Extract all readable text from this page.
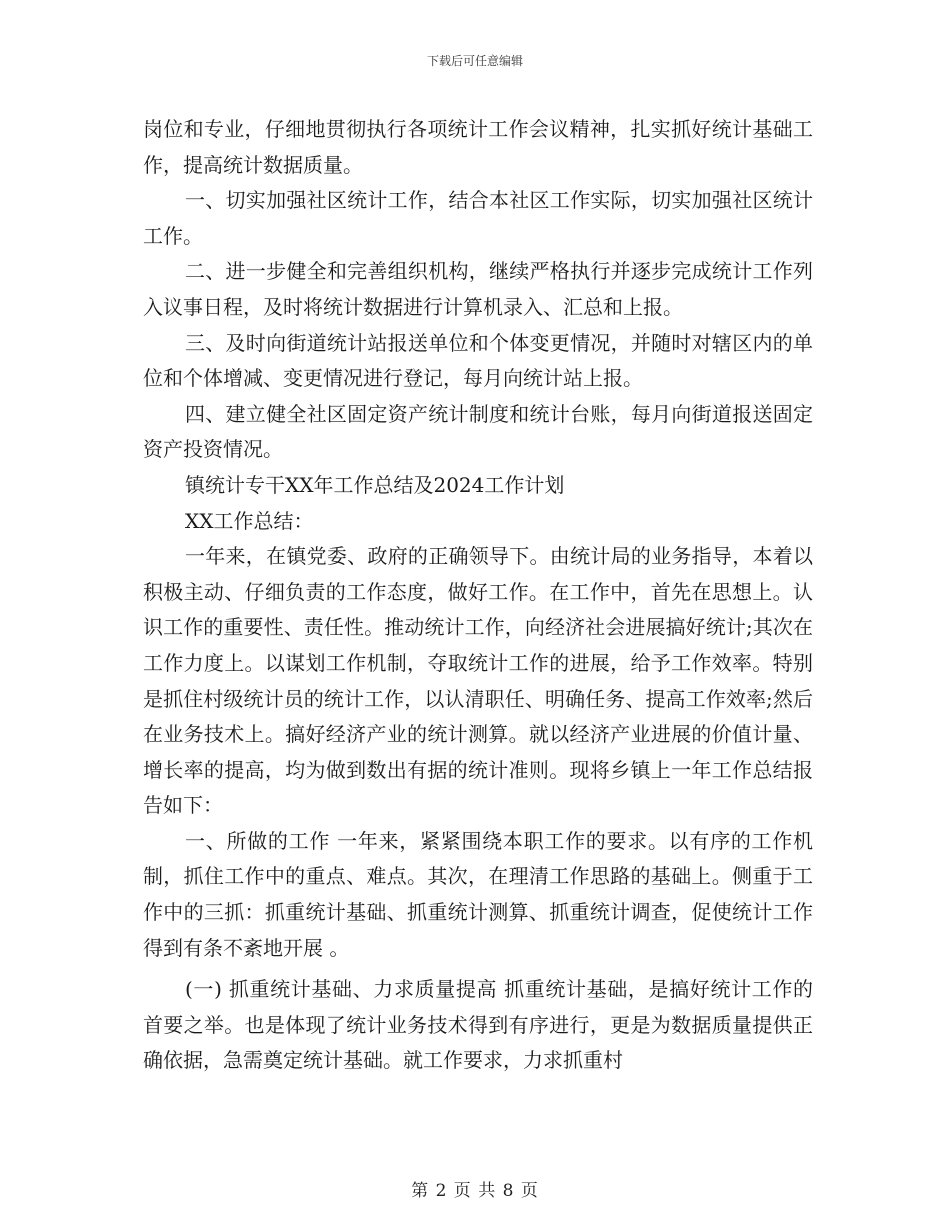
下载后可任意编辑

岗位和专业，仔细地贯彻执行各项统计工作会议精神，扎实抓好统计基础工作，提高统计数据质量。

一、切实加强社区统计工作，结合本社区工作实际，切实加强社区统计工作。

二、进一步健全和完善组织机构，继续严格执行并逐步完成统计工作列入议事日程，及时将统计数据进行计算机录入、汇总和上报。

三、及时向街道统计站报送单位和个体变更情况，并随时对辖区内的单位和个体增减、变更情况进行登记，每月向统计站上报。

四、建立健全社区固定资产统计制度和统计台账，每月向街道报送固定资产投资情况。

镇统计专干XX年工作总结及2024工作计划

XX工作总结：

一年来，在镇党委、政府的正确领导下。由统计局的业务指导，本着以积极主动、仔细负责的工作态度，做好工作。在工作中，首先在思想上。认识工作的重要性、责任性。推动统计工作，向经济社会进展搞好统计;其次在工作力度上。以谋划工作机制，夺取统计工作的进展，给予工作效率。特别是抓住村级统计员的统计工作，以认清职任、明确任务、提高工作效率;然后在业务技术上。搞好经济产业的统计测算。就以经济产业进展的价值计量、增长率的提高，均为做到数出有据的统计准则。现将乡镇上一年工作总结报告如下：

一、所做的工作 一年来，紧紧围绕本职工作的要求。以有序的工作机制，抓住工作中的重点、难点。其次，在理清工作思路的基础上。侧重于工作中的三抓：抓重统计基础、抓重统计测算、抓重统计调查，促使统计工作得到有条不紊地开展 。

(一) 抓重统计基础、力求质量提高 抓重统计基础，是搞好统计工作的首要之举。也是体现了统计业务技术得到有序进行，更是为数据质量提供正确依据，急需奠定统计基础。就工作要求，力求抓重村

第 2 页 共 8 页
